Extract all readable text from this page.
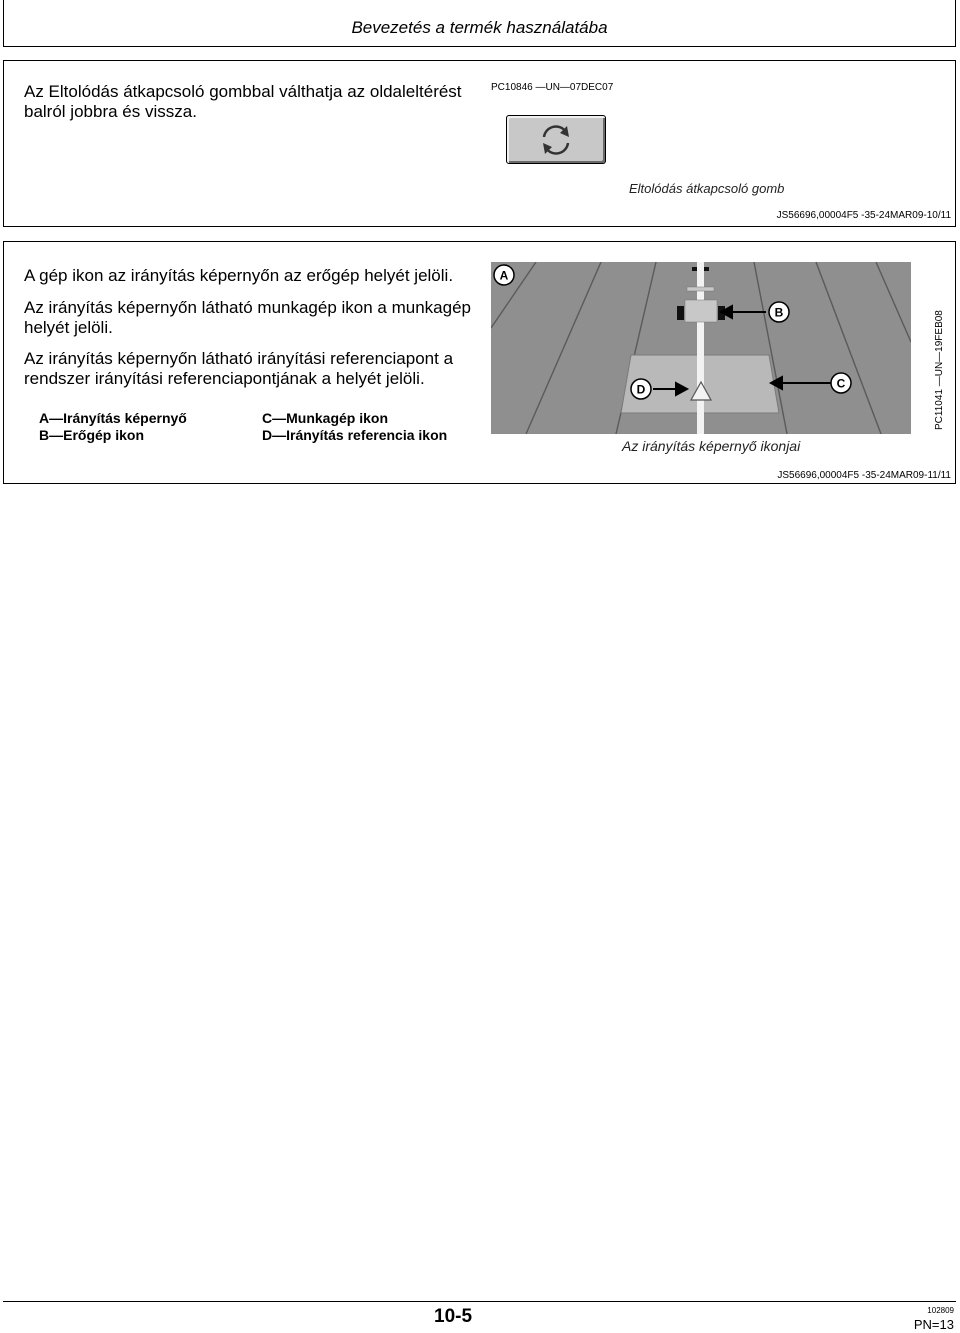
Bevezetés a termék használatába
Az Eltolódás átkapcsoló gombbal válthatja az oldaleltérést balról jobbra és vissza.
PC10846 —UN—07DEC07
Eltolódás átkapcsoló gomb
JS56696,00004F5 -35-24MAR09-10/11
A gép ikon az irányítás képernyőn az erőgép helyét jelöli.
Az irányítás képernyőn látható munkagép ikon a munkagép helyét jelöli.
Az irányítás képernyőn látható irányítási referenciapont a rendszer irányítási referenciapontjának a helyét jelöli.
A—Irányítás képernyő
B—Erőgép ikon
C—Munkagép ikon
D—Irányítás referencia ikon
A
B
C
D
Az irányítás képernyő ikonjai
PC11041 —UN—19FEB08
JS56696,00004F5 -35-24MAR09-11/11
10-5	102809
PN=13
